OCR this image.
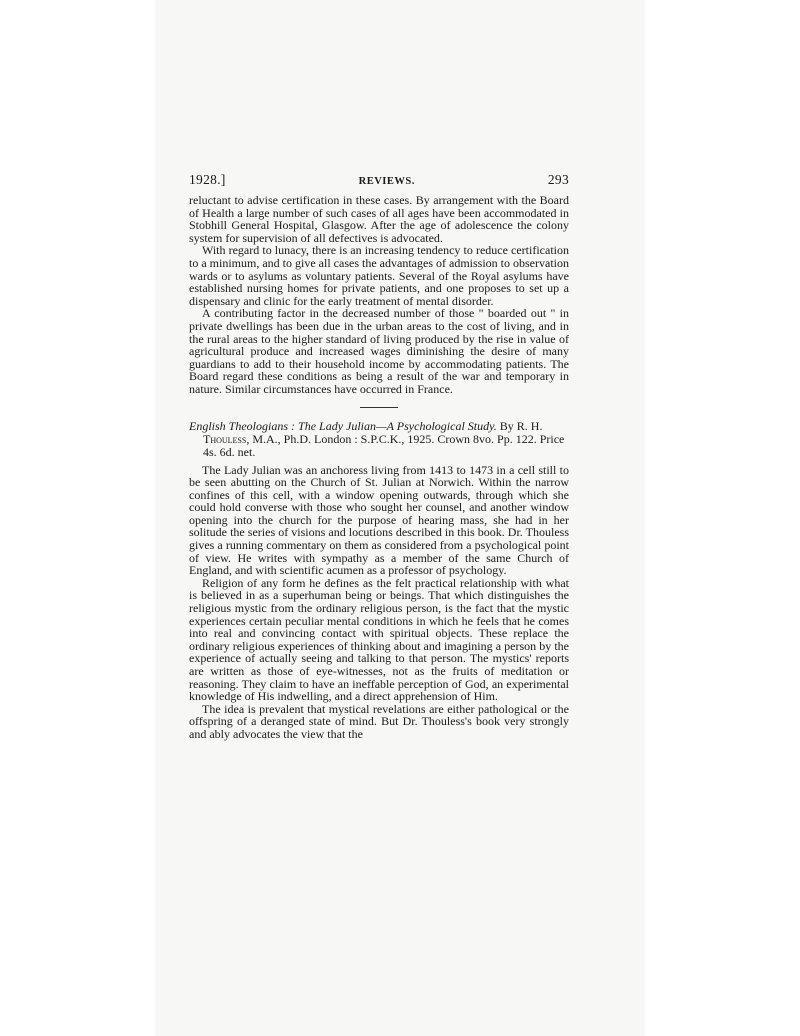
1928.]	REVIEWS.	293

reluctant to advise certification in these cases. By arrangement with the Board of Health a large number of such cases of all ages have been accommodated in Stobhill General Hospital, Glasgow. After the age of adolescence the colony system for supervision of all defectives is advocated.

With regard to lunacy, there is an increasing tendency to reduce certification to a minimum, and to give all cases the advantages of admission to observation wards or to asylums as voluntary patients. Several of the Royal asylums have established nursing homes for private patients, and one proposes to set up a dispensary and clinic for the early treatment of mental disorder.

A contributing factor in the decreased number of those " boarded out " in private dwellings has been due in the urban areas to the cost of living, and in the rural areas to the higher standard of living produced by the rise in value of agricultural produce and increased wages diminishing the desire of many guardians to add to their household income by accommodating patients. The Board regard these conditions as being a result of the war and temporary in nature. Similar circumstances have occurred in France.

English Theologians : The Lady Julian—A Psychological Study. By R. H. Thouless, M.A., Ph.D. London : S.P.C.K., 1925. Crown 8vo. Pp. 122. Price 4s. 6d. net.

The Lady Julian was an anchoress living from 1413 to 1473 in a cell still to be seen abutting on the Church of St. Julian at Norwich. Within the narrow confines of this cell, with a window opening outwards, through which she could hold converse with those who sought her counsel, and another window opening into the church for the purpose of hearing mass, she had in her solitude the series of visions and locutions described in this book. Dr. Thouless gives a running commentary on them as considered from a psychological point of view. He writes with sympathy as a member of the same Church of England, and with scientific acumen as a professor of psychology.

Religion of any form he defines as the felt practical relationship with what is believed in as a superhuman being or beings. That which distinguishes the religious mystic from the ordinary religious person, is the fact that the mystic experiences certain peculiar mental conditions in which he feels that he comes into real and convincing contact with spiritual objects. These replace the ordinary religious experiences of thinking about and imagining a person by the experience of actually seeing and talking to that person. The mystics' reports are written as those of eye-witnesses, not as the fruits of meditation or reasoning. They claim to have an ineffable perception of God, an experimental knowledge of His indwelling, and a direct apprehension of Him.

The idea is prevalent that mystical revelations are either pathological or the offspring of a deranged state of mind. But Dr. Thouless's book very strongly and ably advocates the view that the
